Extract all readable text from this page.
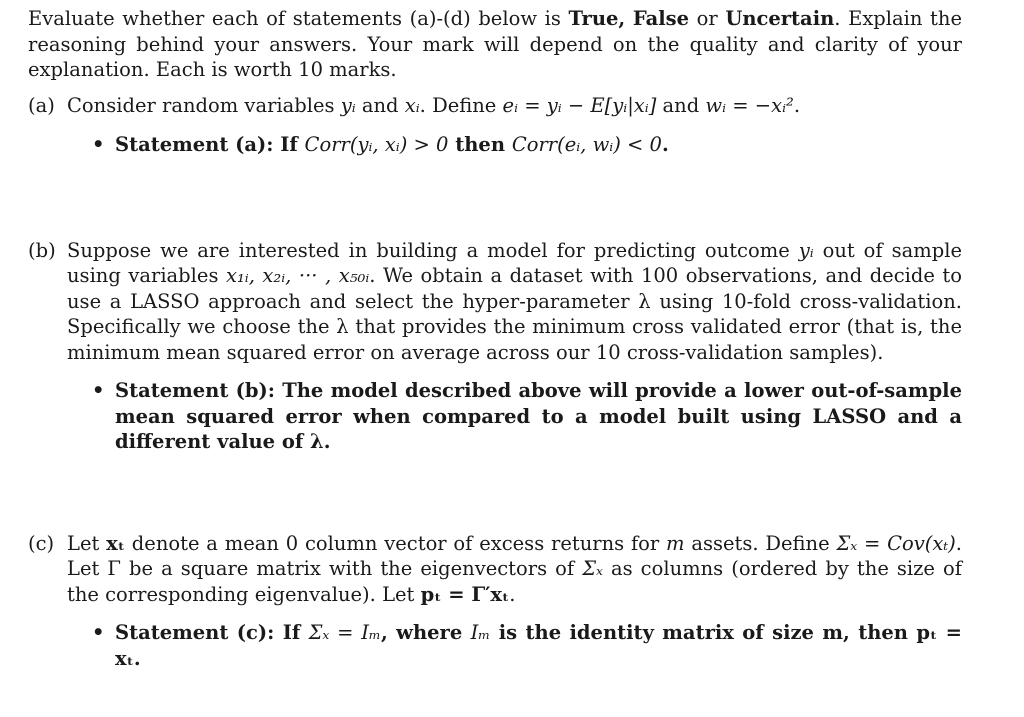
Evaluate whether each of statements (a)-(d) below is True, False or Uncertain. Explain the reasoning behind your answers. Your mark will depend on the quality and clarity of your explanation. Each is worth 10 marks.

(a) Consider random variables yᵢ and xᵢ. Define eᵢ = yᵢ − E[yᵢ|xᵢ] and wᵢ = −xᵢ².
• Statement (a): If Corr(yᵢ, xᵢ) > 0 then Corr(eᵢ, wᵢ) < 0.
(b) Suppose we are interested in building a model for predicting outcome yᵢ out of sample using variables x₁ᵢ, x₂ᵢ, ··· , x₅₀ᵢ. We obtain a dataset with 100 observations, and decide to use a LASSO approach and select the hyper-parameter λ using 10-fold cross-validation. Specifically we choose the λ that provides the minimum cross validated error (that is, the minimum mean squared error on average across our 10 cross-validation samples).
• Statement (b): The model described above will provide a lower out-of-sample mean squared error when compared to a model built using LASSO and a different value of λ.
(c) Let xₜ denote a mean 0 column vector of excess returns for m assets. Define Σₓ = Cov(xₜ). Let Γ be a square matrix with the eigenvectors of Σₓ as columns (ordered by the size of the corresponding eigenvalue). Let pₜ = Γ′xₜ.
• Statement (c): If Σₓ = Iₘ, where Iₘ is the identity matrix of size m, then pₜ = xₜ.
